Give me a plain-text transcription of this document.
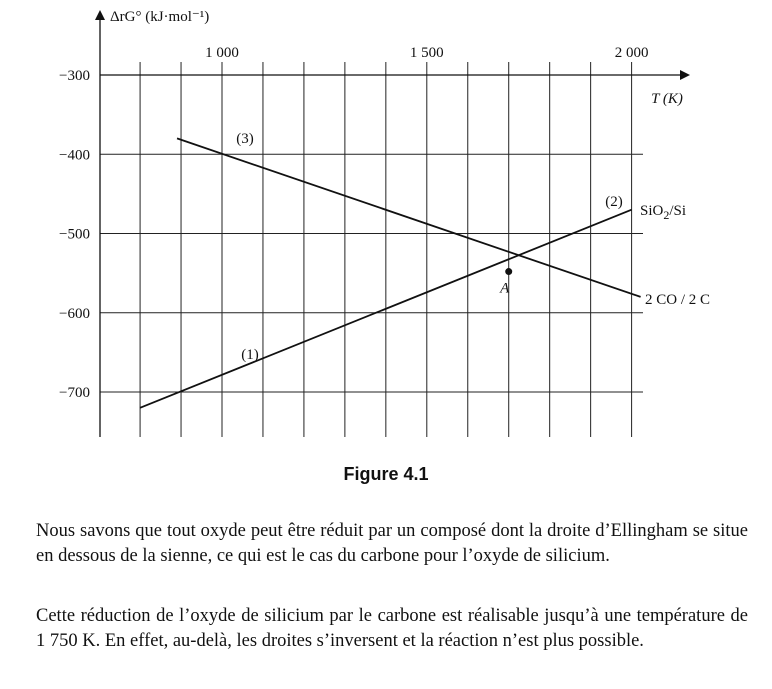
−300
−400
−500
−600
−700
1 000	1 500	2 000
ΔrG° (kJ·mol⁻¹)
T (K)
(1)
(2)
(3)
SiO$_2$/Si
2 CO / 2 C
A
Figure 4.1

Nous savons que tout oxyde peut être réduit par un composé dont la droite d’Ellingham se situe en dessous de la sienne, ce qui est le cas du carbone pour l’oxyde de silicium.

Cette réduction de l’oxyde de silicium par le carbone est réalisable jusqu’à une température de 1 750 K. En effet, au-delà, les droites s’inversent et la réaction n’est plus possible.
